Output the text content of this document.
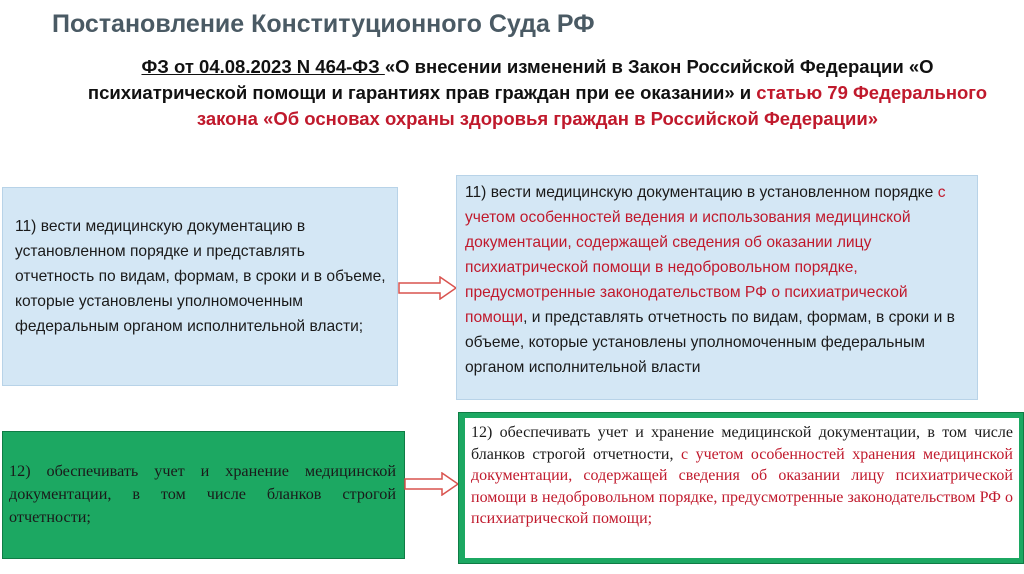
Постановление Конституционного Суда РФ
ФЗ от 04.08.2023 N 464-ФЗ «О внесении изменений в Закон Российской Федерации «О психиатрической помощи и гарантиях прав граждан при ее оказании» и статью 79 Федерального закона «Об основах охраны здоровья граждан в Российской Федерации»
11) вести медицинскую документацию в установленном порядке и представлять отчетность по видам, формам, в сроки и в объеме, которые установлены уполномоченным федеральным органом исполнительной власти;
11) вести медицинскую документацию в установленном порядке с учетом особенностей ведения и использования медицинской документации, содержащей сведения об оказании лицу психиатрической помощи в недобровольном порядке, предусмотренные законодательством РФ о психиатрической помощи, и представлять отчетность по видам, формам, в сроки и в объеме, которые установлены уполномоченным федеральным органом исполнительной власти
12) обеспечивать учет и хранение медицинской документации, в том числе бланков строгой отчетности;
12) обеспечивать учет и хранение медицинской документации, в том числе бланков строгой отчетности, с учетом особенностей хранения медицинской документации, содержащей сведения об оказании лицу психиатрической помощи в недобровольном порядке, предусмотренные законодательством РФ о психиатрической помощи;
